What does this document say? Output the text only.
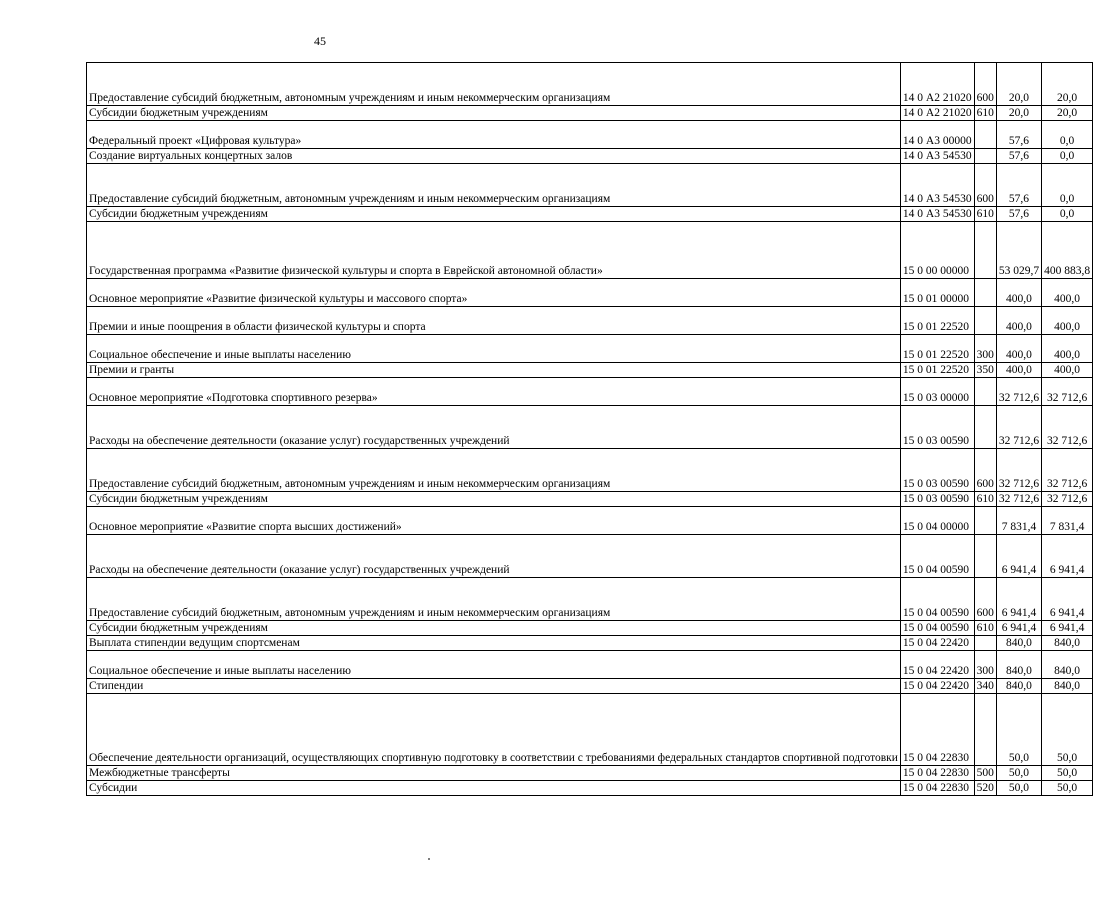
45
Предоставление субсидий бюджетным, автономным учреждениям и иным некоммерческим организациям	14 0 А2 21020	600	20,0	20,0
Субсидии бюджетным учреждениям	14 0 А2 21020	610	20,0	20,0
Федеральный проект «Цифровая культура»	14 0 А3 00000		57,6	0,0
Создание виртуальных концертных залов	14 0 А3 54530		57,6	0,0
Предоставление субсидий бюджетным, автономным учреждениям и иным некоммерческим организациям	14 0 А3 54530	600	57,6	0,0
Субсидии бюджетным учреждениям	14 0 А3 54530	610	57,6	0,0
Государственная программа «Развитие физической культуры и спорта в Еврейской автономной области»	15 0 00 00000		53 029,7	400 883,8
Основное мероприятие «Развитие физической культуры и массового спорта»	15 0 01 00000		400,0	400,0
Премии и иные поощрения в области физической культуры и спорта	15 0 01 22520		400,0	400,0
Социальное обеспечение и иные выплаты населению	15 0 01 22520	300	400,0	400,0
Премии и гранты	15 0 01 22520	350	400,0	400,0
Основное мероприятие «Подготовка спортивного резерва»	15 0 03 00000		32 712,6	32 712,6
Расходы на обеспечение деятельности (оказание услуг) государственных учреждений	15 0 03 00590		32 712,6	32 712,6
Предоставление субсидий бюджетным, автономным учреждениям и иным некоммерческим организациям	15 0 03 00590	600	32 712,6	32 712,6
Субсидии бюджетным учреждениям	15 0 03 00590	610	32 712,6	32 712,6
Основное мероприятие «Развитие спорта высших достижений»	15 0 04 00000		7 831,4	7 831,4
Расходы на обеспечение деятельности (оказание услуг) государственных учреждений	15 0 04 00590		6 941,4	6 941,4
Предоставление субсидий бюджетным, автономным учреждениям и иным некоммерческим организациям	15 0 04 00590	600	6 941,4	6 941,4
Субсидии бюджетным учреждениям	15 0 04 00590	610	6 941,4	6 941,4
Выплата стипендии ведущим спортсменам	15 0 04 22420		840,0	840,0
Социальное обеспечение и иные выплаты населению	15 0 04 22420	300	840,0	840,0
Стипендии	15 0 04 22420	340	840,0	840,0
Обеспечение деятельности организаций, осуществляющих спортивную подготовку в соответствии с требованиями федеральных стандартов спортивной подготовки	15 0 04 22830		50,0	50,0
Межбюджетные трансферты	15 0 04 22830	500	50,0	50,0
Субсидии	15 0 04 22830	520	50,0	50,0
